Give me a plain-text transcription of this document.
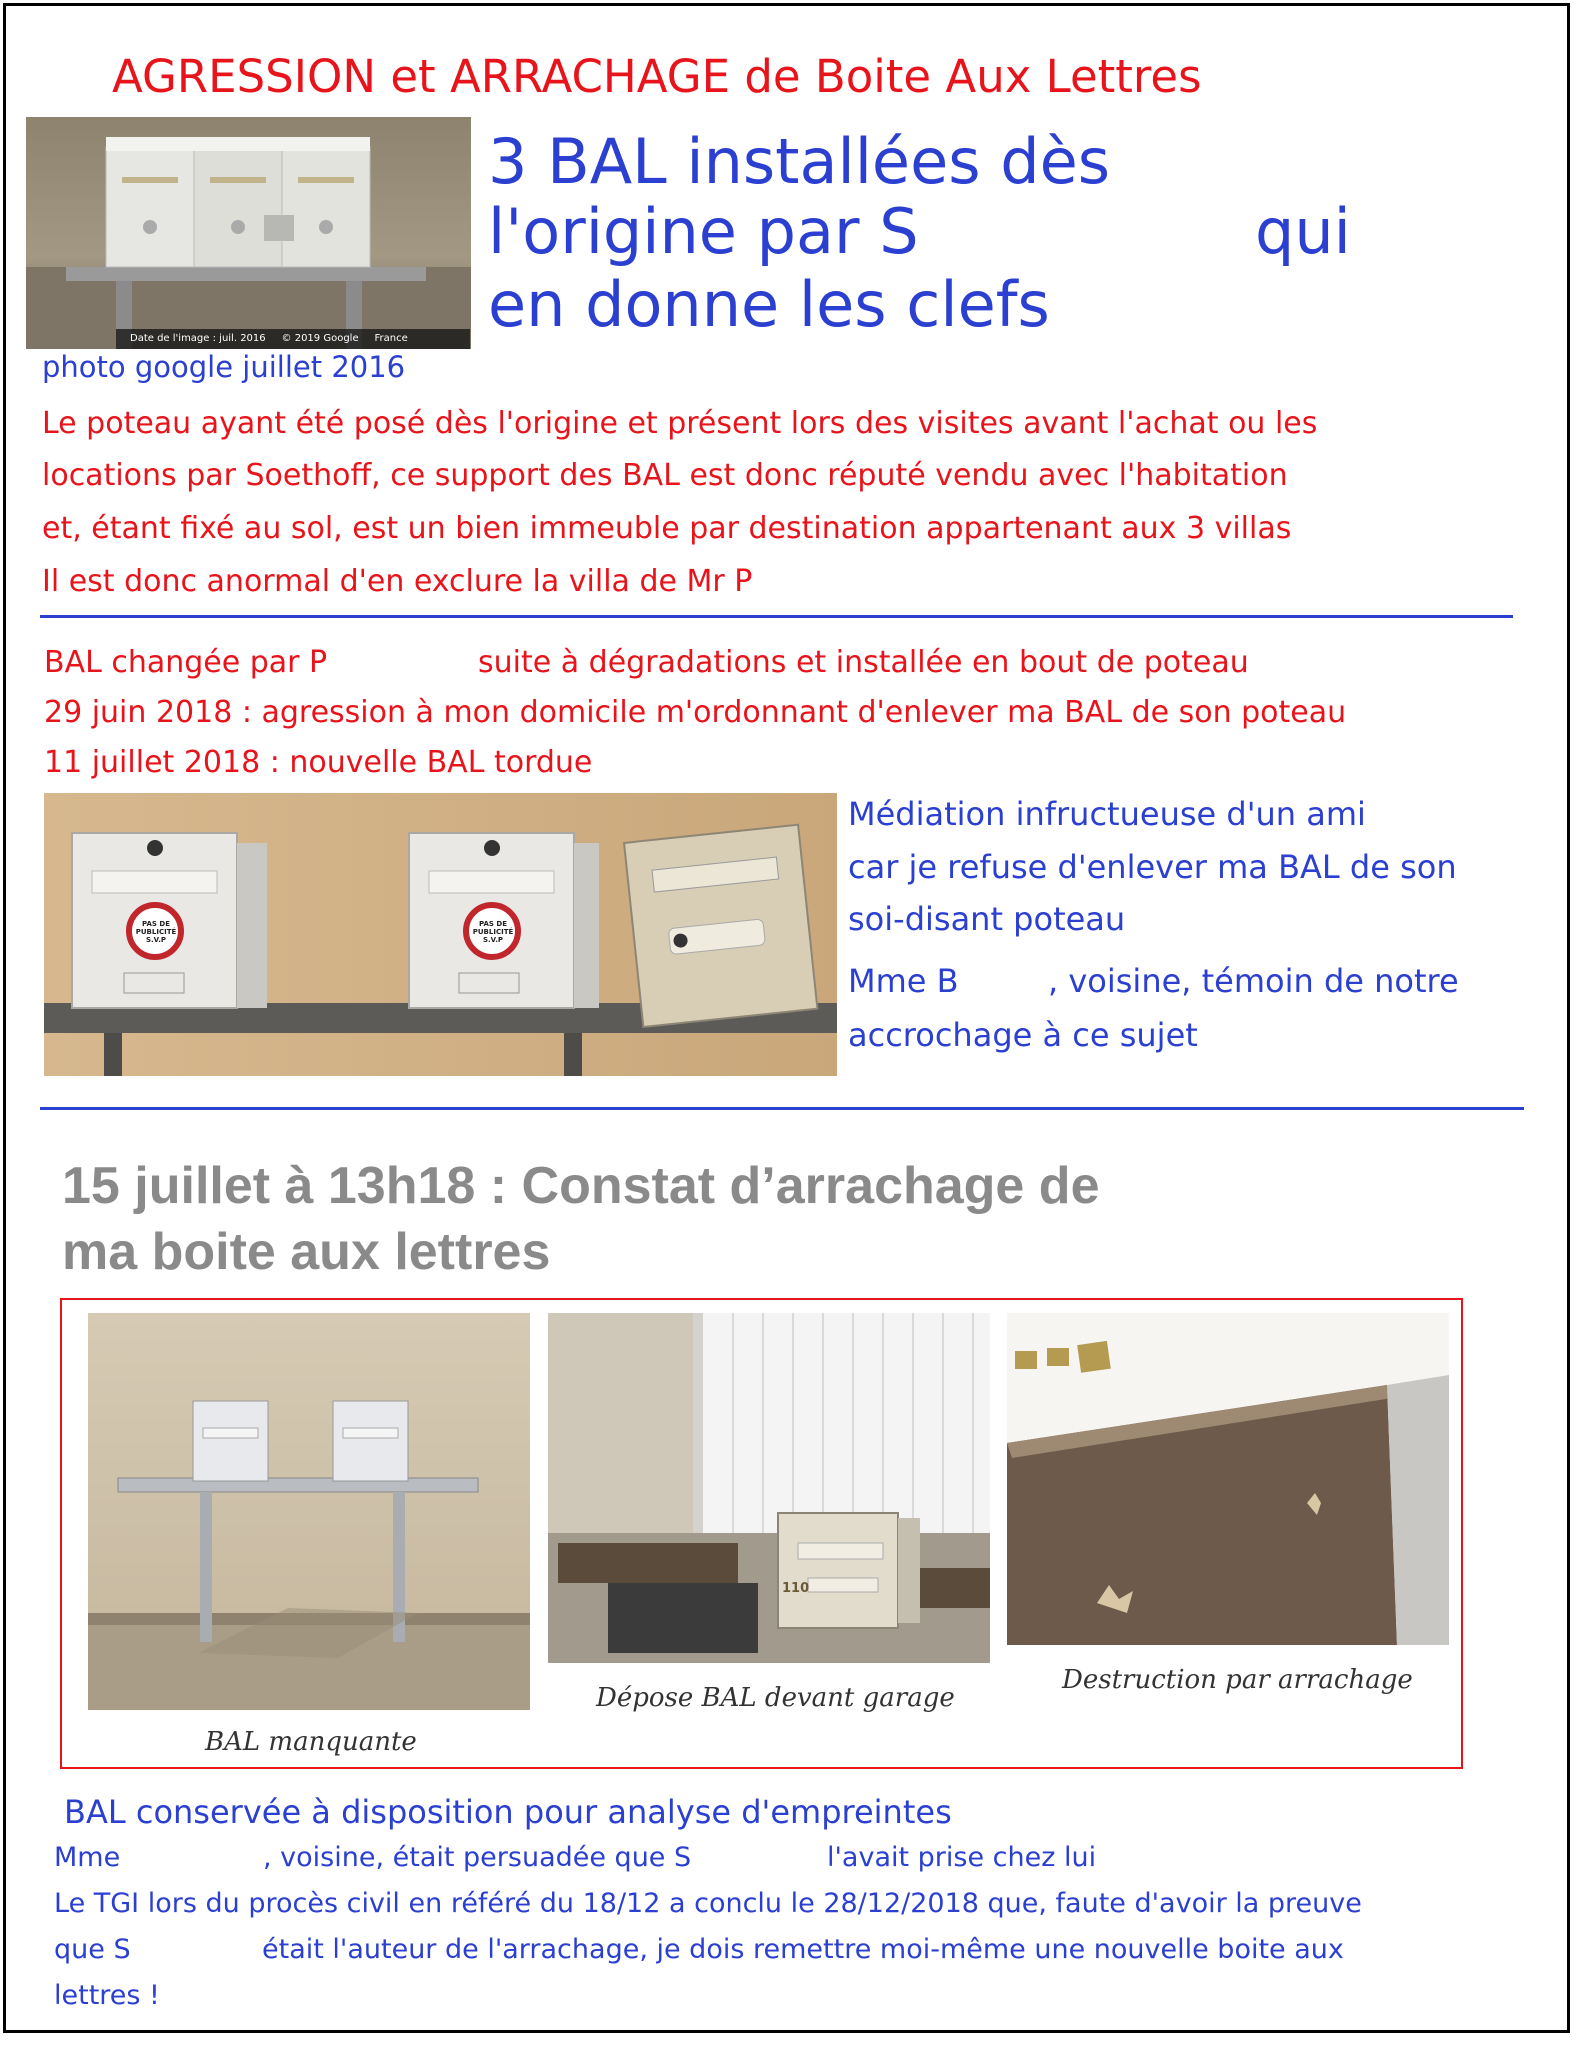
AGRESSION et ARRACHAGE de Boite Aux Lettres
Date de l'image : juil. 2016     © 2019 Google     France
3 BAL installées dès
l'origine par S	qui
en donne les clefs
photo google juillet 2016
Le poteau ayant été posé dès l'origine et présent lors des visites avant l'achat ou les
locations par Soethoff, ce support des BAL est donc réputé vendu avec l'habitation
et, étant fixé au sol, est un bien immeuble par destination appartenant aux 3 villas
Il est donc anormal d'en exclure la villa de Mr P
BAL changée par P	suite à dégradations et installée en bout de poteau
29 juin 2018 : agression à mon domicile m'ordonnant d'enlever ma BAL de son poteau
11 juillet 2018 : nouvelle BAL tordue
PAS DE PUBLICITÉ S.V.P
PAS DE PUBLICITÉ S.V.P
Médiation infructueuse d'un ami
car je refuse d'enlever ma BAL de son
soi-disant poteau
Mme B	, voisine, témoin de notre
accrochage à ce sujet
15 juillet à 13h18 : Constat d’arrachage de
ma boite aux lettres
BAL manquante
110
Dépose BAL devant garage
Destruction par arrachage
BAL conservée à disposition pour analyse d'empreintes
Mme	, voisine, était persuadée que S	l'avait prise chez lui
Le TGI lors du procès civil en référé du 18/12 a conclu le 28/12/2018 que, faute d'avoir la preuve
que S	était l'auteur de l'arrachage, je dois remettre moi-même une nouvelle boite aux
lettres !
